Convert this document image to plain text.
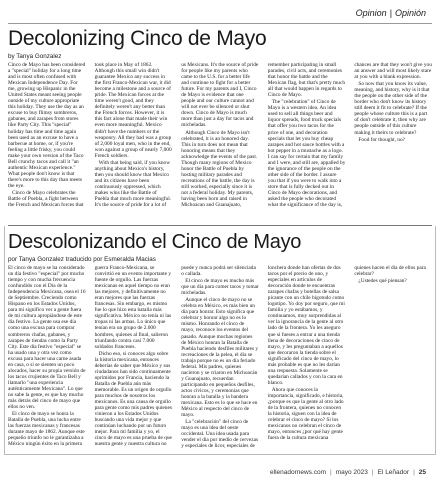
Opinion | Opinión
Decolonizing Cinco de Mayo
by Tanya Gonzalez

Cinco de Mayo has been considered a "special" holiday for a long time and is most often confused with Mexican Independence Day. For me, growing up Hispanic in the United States meant seeing people outside of my culture appropriate this holiday. They use the day as an excuse to buy flimsy sombreros, gabanes, and zarapes from stores like Party City. This "special" holiday has time and time again been used as an excuse to have a barbecue at home, or, if you're feeling a little frisky, you could make your own version of the Taco Bell crunchy tacos and call it "an authentic Mexican experience." What people don't know is that there's more to this day than meets the eye.

Cinco de Mayo celebrates the Battle of Puebla, a fight between the French and Mexican forces that took place in May of 1862. Although this small win didn't guarantee Mexico any success in the first Franco-Mexican war, it did become a milestone and a source of pride. The Mexican forces at the time weren't good, and they definitely weren't any better than the French forces. However, it is this fact alone that made their win even more meaningful. Mexico didn't have the numbers or the weaponry. All they had was a group of 2,000 loyal men, who in the end, won against a group of nearly 7,000 French soldiers.

With that being said, if you know anything about Mexico's history, then you should know that Mexico and its citizens have been continuously oppressed, which makes wins like the Battle of Puebla that much more meaningful. It's the source of pride for a lot of us Mexicans. It's the source of pride for people like my parents who came to the U.S. for a better life and continue to fight for a better future. For my parents and I, Cinco de Mayo is evidence that one people and our culture cannot and will not ever be silenced or shut down. Cinco de Mayo is much more than just a day for tacos and micheladas.

Although Cinco de Mayo isn't celebrated, it is an honored day. This in turn does not mean that honoring means that they acknowledge the events of the past. Though many regions of Mexico honor the Battle of Puebla by hosting military parades and recreations of the battle, the day is still worked, especially since it is not a federal holiday. My parents, having been born and raised in Michoacan and Guanajuato, remember participating in small parades, civil acts, and ceremonies that honor the battle and the Mexican flag, but that's pretty much all that would happen in regards to Cinco de Mayo.

The "celebration" of Cinco de Mayo is a western idea. An idea used to sell all things beer and liquor spreads, food truck specials that offer you two tacos for the price of one, and decoration specials that let you buy cheap zarapes and hot sauce bottles with a hot pepper in a mustache as a logo. I can say for certain that my family and I were, and still are, appalled by the ignorance of the people on the other side of the border. I assure you that if you were to walk into a store that is fully decked out in Cinco de Mayo decorations, and asked the people who decorated what the significance of the day is, chances are that they won't give you an answer and will most likely stare at you with a blank expression.

So now that you know its value, meaning, and history, why is it that the people on the other side of the border who don't know its history still deem it fit to celebrate? If the people whose culture this is a part of don't celebrate it, then why are people outside of this culture making it theirs to celebrate?

Food for thought, no?

Descolonizando el Cinco de Mayo
por Tanya Gonzalez traducido por Esmeralda Macias

El cinco de mayo se ha considerado un día festivo "especial" por mucho tiempo y con mucha frecuencia confundido con el Día de la Independencia Mexicana, osea el 16 de Septiembre. Creciendo como Hispano en los Estados Unidos, para mi significo ver a gente fuera de mi cultura apropiándose de este día festivo. La gente usa ese día como una excusa para comprar sombreros chafas, gabanes, y zarapes de tiendas como la Party City. Este día festivo "especial" se ha usado una y otra vez como excusa para hacer una carne asada en casa, o si se sienten un poco alocados, hacer su propia versión de los tacos crujientes de Taco Bell y llamarlo "una experiencia auténticamente Mexicana". Lo que no sabe la gente, es que hay mucho más detrás del cinco de mayo que ellos no ven.

El cinco de mayo se honra la Batalla de Puebla, una lucha entre las fuerzas mexicanas y francesas durante mayo de 1862. Aunque este pequeño triunfo no le garantizaba a México ningún éxito en la primera guerra Franco-Mexicana, se convirtió en un evento importante y fuente de orgullo. Las fuerzas mexicanas en aquel tiempo no eran las mejores, y definitivamente no eran mejores que las fuerzas francesas. Sin embargo, es mismo fue lo que hizo esta batalla más significativa. México no tenía ni las tropas ni las armas. Lo único que tenían era un grupo de 2.000 hombres, quienes al final, salieron triunfando contra casi 7.000 soldados franceses.

Dicho eso, si conoces algo sobre la historia mexicana, entonces deberías de saber que México y sus ciudadanos han sido continuamente oprimidos por Francia, haciendo la Batalla de Puebla aún más memorable. Es un origen de orgullo para muchos de nosotros los mexicanos. Es una causa de orgullo para gente como mis padres quienes vinieron a los Estados Unidos buscando una vida mejor y que continúan luchando por un futuro mejor. Para mi familia y yo, el cinco de mayo es una prueba de que nuestra gente y nuestra cultura no puede y nunca podrá ser silenciada o callada.

El cinco de mayo es mucho más que un día para comer tacos y tomar micheladas.

Aunque el cinco de mayo no se celebra en México, es más bien un día para honrar. Esto significa que celebrar y honrar algo no es lo mismo. Honrando el cinco de mayo, reconoce los eventos del pasado. Aunque muchas regiones de México honran la Batalla de Puebla haciendo desfiles militares y recreaciones de la pelea, el día se trabaja porque no es un día feriado federal. Mis padres, quienes nacieron y se criaron en Michoacán y Guanajuato, recuerdan participando en pequeños desfiles, actos cívicos, y ceremonias que honran a la batalla y la bandera mexicana. Esto es lo que se hace en México al respecto del cinco de mayo.

La "celebración" del cinco de mayo es una idea del oeste occidental. Una idea usada para vender el día por medio de cervezas y especiales de licor, especiales de lonchera donde han ofertas de dos tacos por el precio de uno, y especiales en artículos de decoración donde te encuentras zarapes chafas y botellas de salsa picante con un chile bigotudo como logotipo. Yo doy por seguro, que mi familia y yo estábamos, y continuamos, muy sorprendidas al ver la ignorancia de la gente al otro lado de la frontera. Yo les aseguro que si fueses a entrar a una tienda llena de decoraciones de cinco de mayo, y les preguntaban a aquellos que decoraron la tienda sobre el significado del cinco de mayo, lo más probable es que no les darían una respuesta. Solamente se quedarían callados y con la cara en blanco.

Ahora que conoces la importancia, significado, e historia, ¿porque es que la gente al otro lado de la frontera, quienes no conocen la historia, siguen con la idea de celebrar el cinco de mayo? Si los mexicanos no celebran el cinco de mayo, entonces ¿por qué hay gente fuera de la cultura mexicana quienes hacen el día de ellos para celebrar?

¿Ustedes qué piensan?

ellenadornews.com | mayo 2023 | El Leñador | 25
